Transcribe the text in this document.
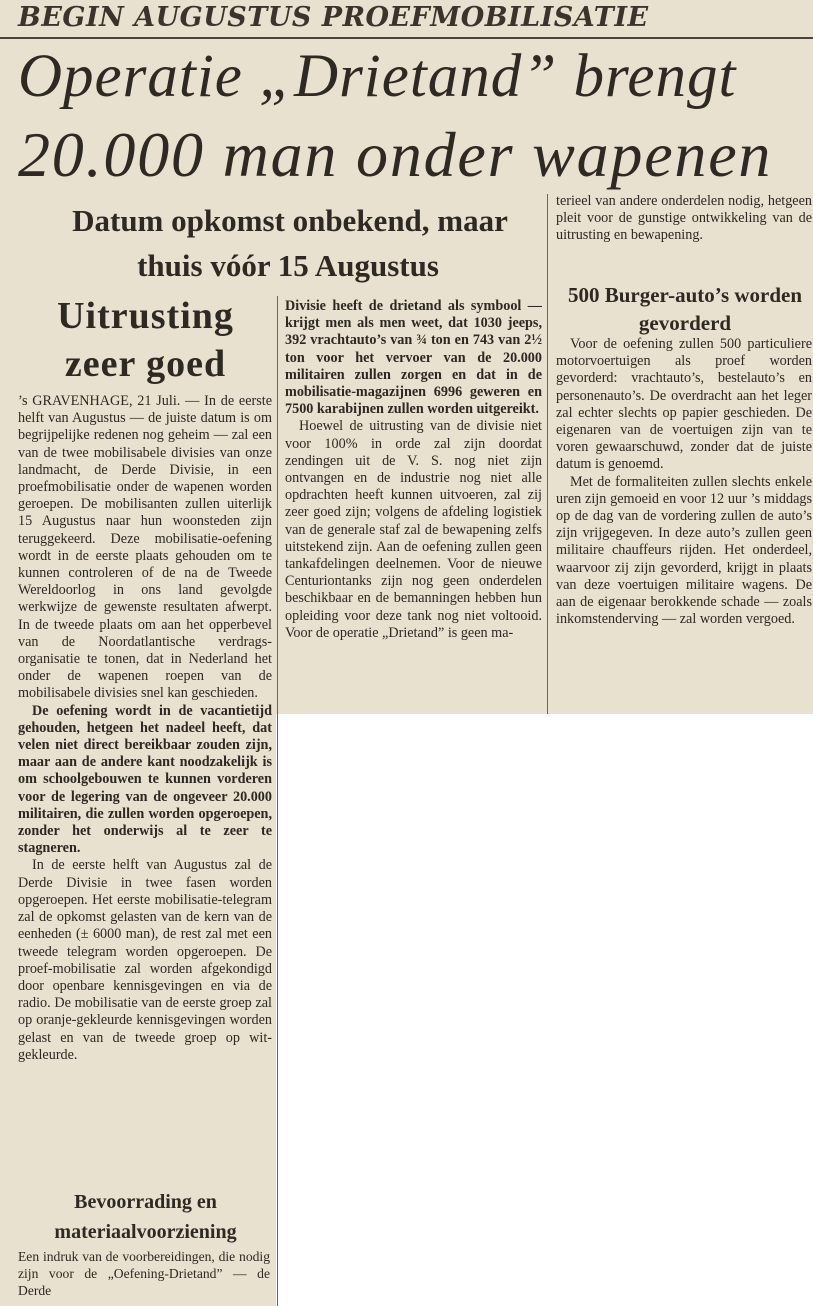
BEGIN AUGUSTUS PROEFMOBILISATIE
Operatie „Drietand” brengt
20.000 man onder wapenen
Datum opkomst onbekend, maar
thuis vóór 15 Augustus
Uitrusting zeer goed
500 Burger-auto’s worden gevorderd
Bevoorrading en materiaalvoorziening
’s GRAVENHAGE, 21 Juli. — In de eerste helft van Augustus — de juiste datum is om begrijpelijke redenen nog geheim — zal een van de twee mobilisabele divisies van onze landmacht, de Derde Divisie, in een proefmobilisatie onder de wapenen worden geroepen. De mobilisanten zullen uiterlijk 15 Augustus naar hun woonsteden zijn teruggekeerd. Deze mobilisatie-oefening wordt in de eerste plaats gehouden om te kunnen controleren of de na de Tweede Wereldoorlog in ons land gevolgde werkwijze de gewenste resultaten afwerpt. In de tweede plaats om aan het opperbevel van de Noordatlantische verdrags-organisatie te tonen, dat in Nederland het onder de wapenen roepen van de mobilisabele divisies snel kan geschieden.
De oefening wordt in de vacantietijd gehouden, hetgeen het nadeel heeft, dat velen niet direct bereikbaar zouden zijn, maar aan de andere kant noodzakelijk is om schoolgebouwen te kunnen vorderen voor de legering van de ongeveer 20.000 militairen, die zullen worden opgeroepen, zonder het onderwijs al te zeer te stagneren.
In de eerste helft van Augustus zal de Derde Divisie in twee fasen worden opgeroepen. Het eerste mobilisatie-telegram zal de opkomst gelasten van de kern van de eenheden (± 6000 man), de rest zal met een tweede telegram worden opgeroepen. De proef-mobilisatie zal worden afgekondigd door openbare kennisgevingen en via de radio. De mobilisatie van de eerste groep zal op oranje-gekleurde kennisgevingen worden gelast en van de tweede groep op wit-gekleurde.
Een indruk van de voorbereidingen, die nodig zijn voor de „Oefening-Drietand” — de Derde
Divisie heeft de drietand als symbool — krijgt men als men weet, dat 1030 jeeps, 392 vrachtauto’s van ¾ ton en 743 van 2½ ton voor het vervoer van de 20.000 militairen zullen zorgen en dat in de mobilisatie-magazijnen 6996 geweren en 7500 karabijnen zullen worden uitgereikt.
Hoewel de uitrusting van de divisie niet voor 100% in orde zal zijn doordat zendingen uit de V. S. nog niet zijn ontvangen en de industrie nog niet alle opdrachten heeft kunnen uitvoeren, zal zij zeer goed zijn; volgens de afdeling logistiek van de generale staf zal de bewapening zelfs uitstekend zijn. Aan de oefening zullen geen tankafdelingen deelnemen. Voor de nieuwe Centuriontanks zijn nog geen onderdelen beschikbaar en de bemanningen hebben hun opleiding voor deze tank nog niet voltooid. Voor de operatie „Drietand” is geen ma-
terieel van andere onderdelen nodig, hetgeen pleit voor de gunstige ontwikkeling van de uitrusting en bewapening.
Voor de oefening zullen 500 particuliere motorvoertuigen als proef worden gevorderd: vrachtauto’s, bestelauto’s en personenauto’s. De overdracht aan het leger zal echter slechts op papier geschieden. De eigenaren van de voertuigen zijn van te voren gewaarschuwd, zonder dat de juiste datum is genoemd.
Met de formaliteiten zullen slechts enkele uren zijn gemoeid en voor 12 uur ’s middags op de dag van de vordering zullen de auto’s zijn vrijgegeven. In deze auto’s zullen geen militaire chauffeurs rijden. Het onderdeel, waarvoor zij zijn gevorderd, krijgt in plaats van deze voertuigen militaire wagens. De aan de eigenaar berokkende schade — zoals inkomstenderving — zal worden vergoed.
